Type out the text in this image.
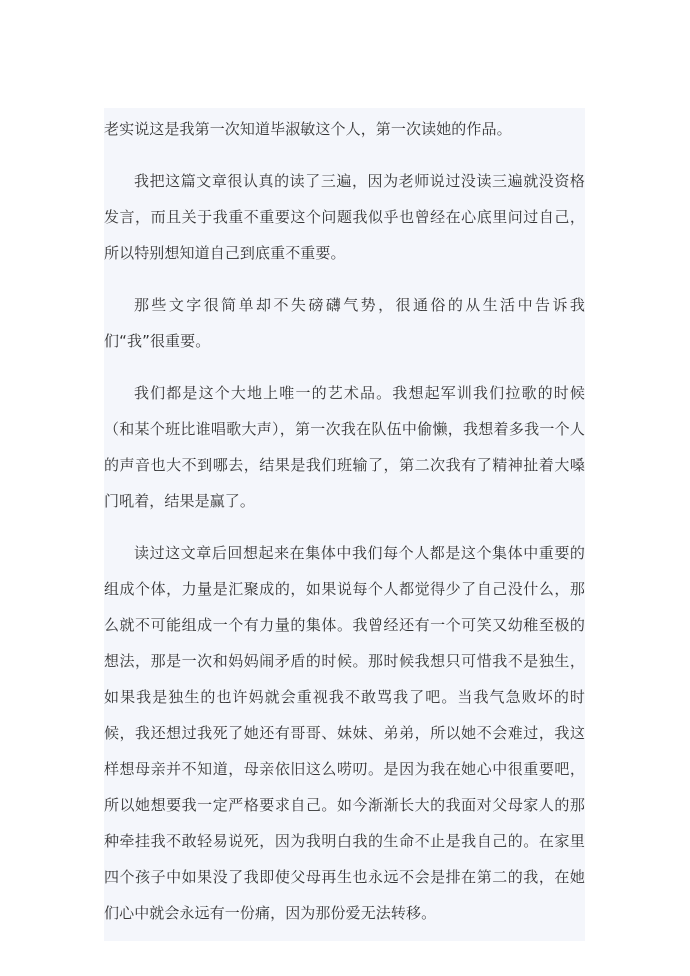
老实说这是我第一次知道毕淑敏这个人，第一次读她的作品。

我把这篇文章很认真的读了三遍，因为老师说过没读三遍就没资格发言，而且关于我重不重要这个问题我似乎也曾经在心底里问过自己，所以特别想知道自己到底重不重要。

那些文字很简单却不失磅礴气势，很通俗的从生活中告诉我们“我”很重要。

我们都是这个大地上唯一的艺术品。我想起军训我们拉歌的时候（和某个班比谁唱歌大声），第一次我在队伍中偷懒，我想着多我一个人的声音也大不到哪去，结果是我们班输了，第二次我有了精神扯着大嗓门吼着，结果是赢了。

读过这文章后回想起来在集体中我们每个人都是这个集体中重要的组成个体，力量是汇聚成的，如果说每个人都觉得少了自己没什么，那么就不可能组成一个有力量的集体。我曾经还有一个可笑又幼稚至极的想法，那是一次和妈妈闹矛盾的时候。那时候我想只可惜我不是独生，如果我是独生的也许妈就会重视我不敢骂我了吧。当我气急败坏的时候，我还想过我死了她还有哥哥、妹妹、弟弟，所以她不会难过，我这样想母亲并不知道，母亲依旧这么唠叨。是因为我在她心中很重要吧，所以她想要我一定严格要求自己。如今渐渐长大的我面对父母家人的那种牵挂我不敢轻易说死，因为我明白我的生命不止是我自己的。在家里四个孩子中如果没了我即使父母再生也永远不会是排在第二的我，在她们心中就会永远有一份痛，因为那份爱无法转移。
